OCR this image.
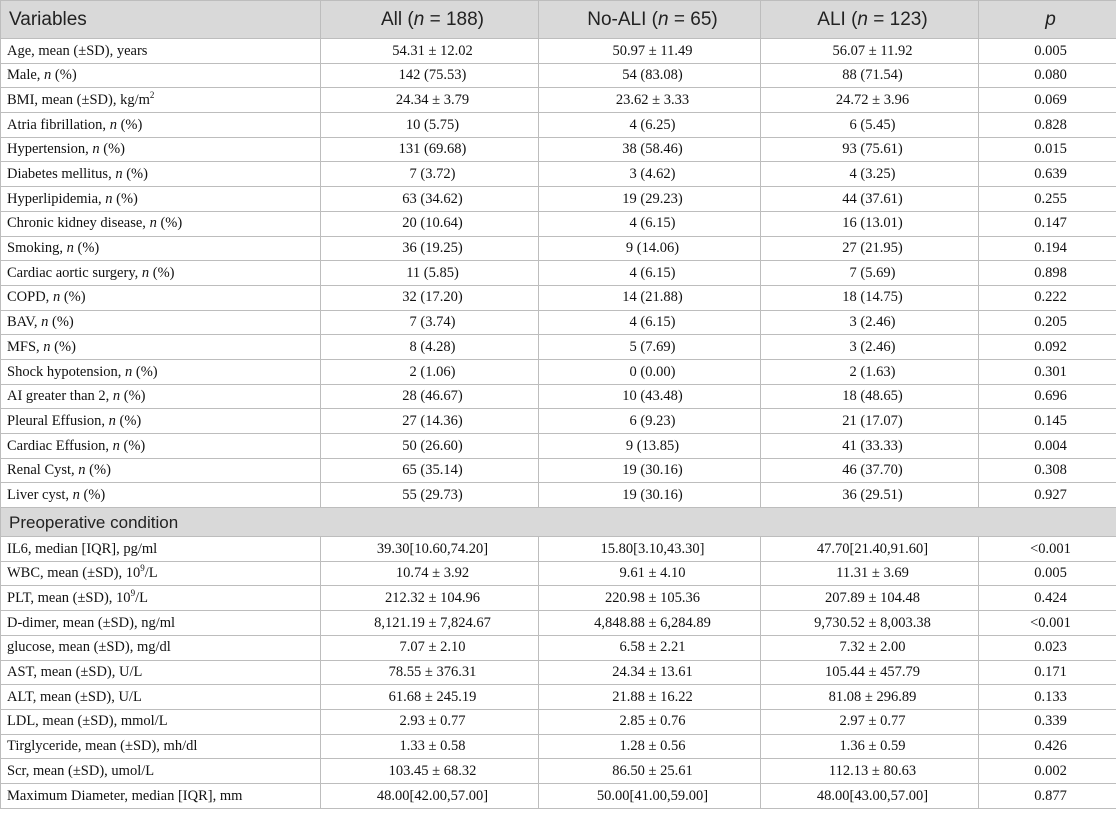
Variables	All (n = 188)	No-ALI (n = 65)	ALI (n = 123)	p
Age, mean (±SD), years	54.31 ± 12.02	50.97 ± 11.49	56.07 ± 11.92	0.005
Male, n (%)	142 (75.53)	54 (83.08)	88 (71.54)	0.080
BMI, mean (±SD), $kg/m^2$	24.34 ± 3.79	23.62 ± 3.33	24.72 ± 3.96	0.069
Atria fibrillation, n (%)	10 (5.75)	4 (6.25)	6 (5.45)	0.828
Hypertension, n (%)	131 (69.68)	38 (58.46)	93 (75.61)	0.015
Diabetes mellitus, n (%)	7 (3.72)	3 (4.62)	4 (3.25)	0.639
Hyperlipidemia, n (%)	63 (34.62)	19 (29.23)	44 (37.61)	0.255
Chronic kidney disease, n (%)	20 (10.64)	4 (6.15)	16 (13.01)	0.147
Smoking, n (%)	36 (19.25)	9 (14.06)	27 (21.95)	0.194
Cardiac aortic surgery, n (%)	11 (5.85)	4 (6.15)	7 (5.69)	0.898
COPD, n (%)	32 (17.20)	14 (21.88)	18 (14.75)	0.222
BAV, n (%)	7 (3.74)	4 (6.15)	3 (2.46)	0.205
MFS, n (%)	8 (4.28)	5 (7.69)	3 (2.46)	0.092
Shock hypotension, n (%)	2 (1.06)	0 (0.00)	2 (1.63)	0.301
AI greater than 2, n (%)	28 (46.67)	10 (43.48)	18 (48.65)	0.696
Pleural Effusion, n (%)	27 (14.36)	6 (9.23)	21 (17.07)	0.145
Cardiac Effusion, n (%)	50 (26.60)	9 (13.85)	41 (33.33)	0.004
Renal Cyst, n (%)	65 (35.14)	19 (30.16)	46 (37.70)	0.308
Liver cyst, n (%)	55 (29.73)	19 (30.16)	36 (29.51)	0.927
Preoperative condition				
IL6, median [IQR], pg/ml	39.30[10.60,74.20]	15.80[3.10,43.30]	47.70[21.40,91.60]	<0.001
WBC, mean (±SD), $10^9/L$	10.74 ± 3.92	9.61 ± 4.10	11.31 ± 3.69	0.005
PLT, mean (±SD), $10^9/L$	212.32 ± 104.96	220.98 ± 105.36	207.89 ± 104.48	0.424
D-dimer, mean (±SD), ng/ml	8,121.19 ± 7,824.67	4,848.88 ± 6,284.89	9,730.52 ± 8,003.38	<0.001
glucose, mean (±SD), mg/dl	7.07 ± 2.10	6.58 ± 2.21	7.32 ± 2.00	0.023
AST, mean (±SD), U/L	78.55 ± 376.31	24.34 ± 13.61	105.44 ± 457.79	0.171
ALT, mean (±SD), U/L	61.68 ± 245.19	21.88 ± 16.22	81.08 ± 296.89	0.133
LDL, mean (±SD), mmol/L	2.93 ± 0.77	2.85 ± 0.76	2.97 ± 0.77	0.339
Tirglyceride, mean (±SD), mh/dl	1.33 ± 0.58	1.28 ± 0.56	1.36 ± 0.59	0.426
Scr, mean (±SD), umol/L	103.45 ± 68.32	86.50 ± 25.61	112.13 ± 80.63	0.002
Maximum Diameter, median [IQR], mm	48.00[42.00,57.00]	50.00[41.00,59.00]	48.00[43.00,57.00]	0.877
